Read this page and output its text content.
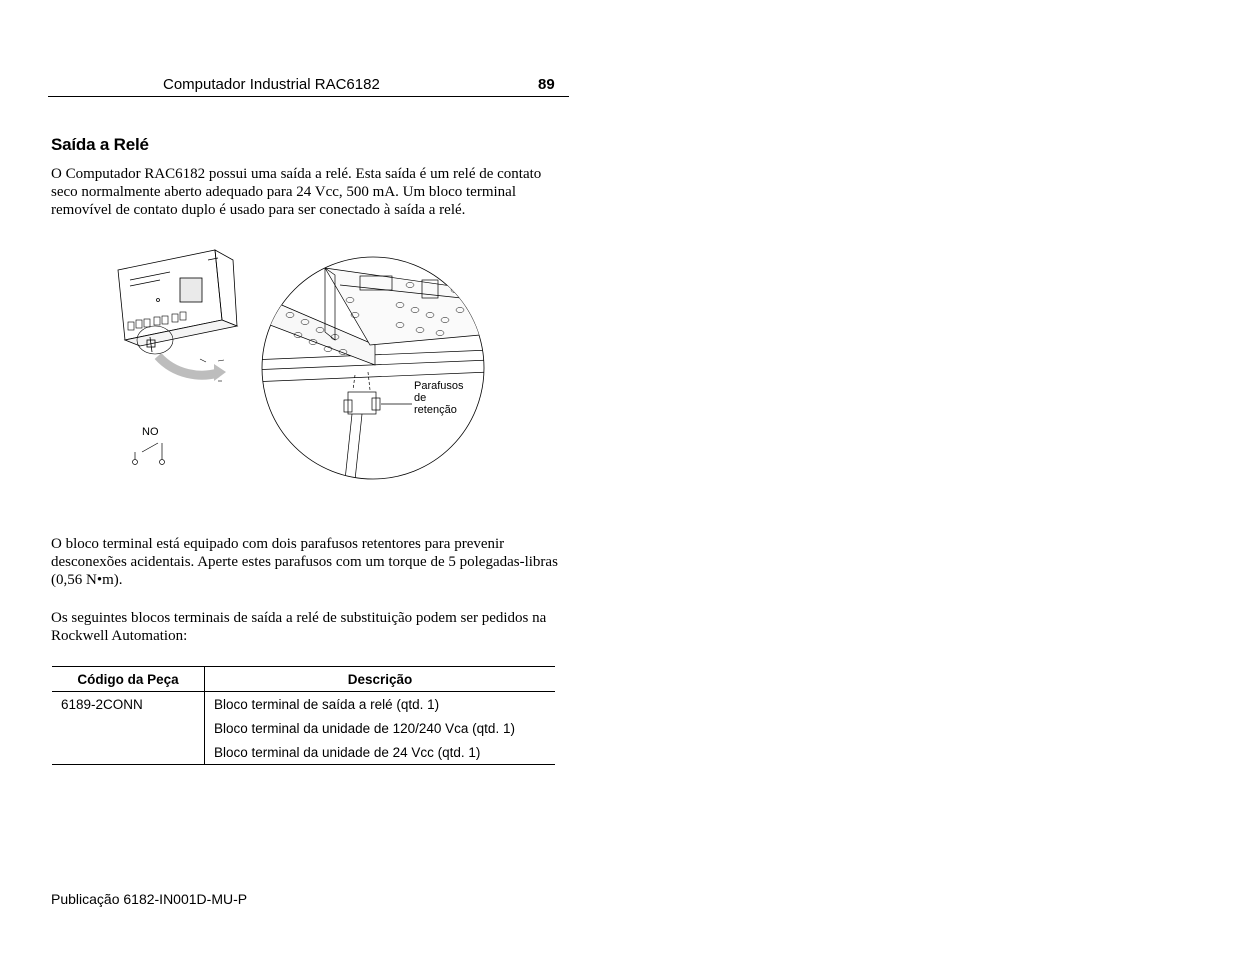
Computador Industrial RAC6182	89
Saída a Relé
O Computador RAC6182 possui uma saída a relé. Esta saída é um relé de contato seco normalmente aberto adequado para 24 Vcc, 500 mA. Um bloco terminal removível de contato duplo é usado para ser conectado à saída a relé.
Parafusos
de
retenção
NO
O bloco terminal está equipado com dois parafusos retentores para prevenir desconexões acidentais. Aperte estes parafusos com um torque de 5 polegadas-libras (0,56 N•m).
Os seguintes blocos terminais de saída a relé de substituição podem ser pedidos na Rockwell Automation:
Código da Peça	Descrição
6189-2CONN	Bloco terminal de saída a relé (qtd. 1)
	Bloco terminal da unidade de 120/240 Vca (qtd. 1)
	Bloco terminal da unidade de 24 Vcc (qtd. 1)
Publicação 6182-IN001D-MU-P
